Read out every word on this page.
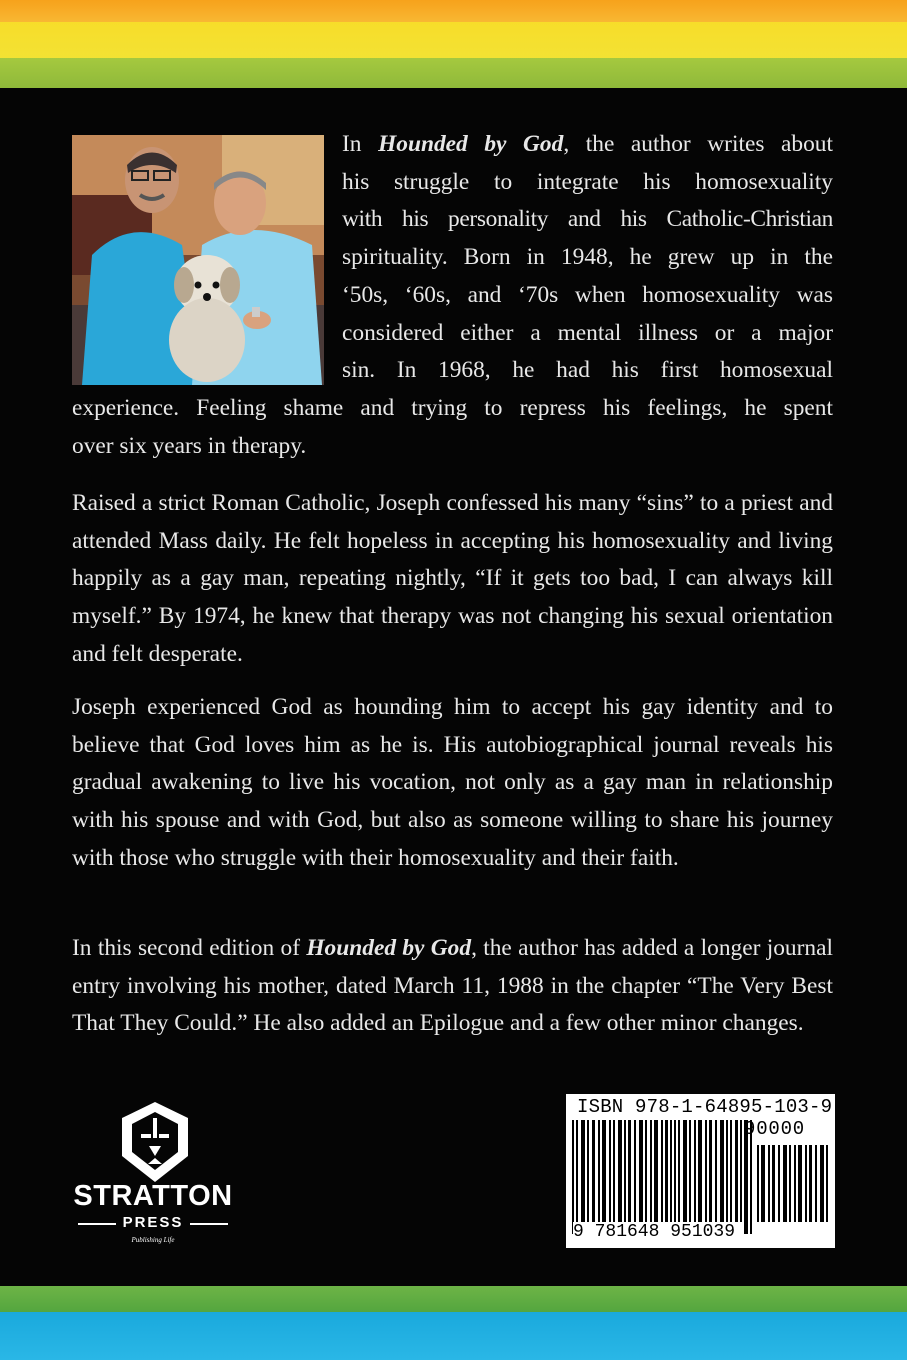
In Hounded by God, the author writes about
his struggle to integrate his homosexuality
with his personality and his Catholic-Christian
spirituality. Born in 1948, he grew up in the
‘50s, ‘60s, and ‘70s when homosexuality was
considered either a mental illness or a major
sin. In 1968, he had his first homosexual
experience. Feeling shame and trying to repress his feelings, he spent
over six years in therapy.

Raised a strict Roman Catholic, Joseph confessed his many “sins” to a priest and attended Mass daily. He felt hopeless in accepting his homosexuality and living happily as a gay man, repeating nightly, “If it gets too bad, I can always kill myself.” By 1974, he knew that therapy was not changing his sexual orientation and felt desperate.

Joseph experienced God as hounding him to accept his gay identity and to believe that God loves him as he is. His autobiographical journal reveals his gradual awakening to live his vocation, not only as a gay man in relationship with his spouse and with God, but also as someone willing to share his journey with those who struggle with their homosexuality and their faith.

In this second edition of Hounded by God, the author has added a longer journal entry involving his mother, dated March 11, 1988 in the chapter “The Very Best That They Could.” He also added an Epilogue and a few other minor changes.

STRATTON
PRESS
Publishing Life
ISBN 978-1-64895-103-9
90000
9 781648 951039
